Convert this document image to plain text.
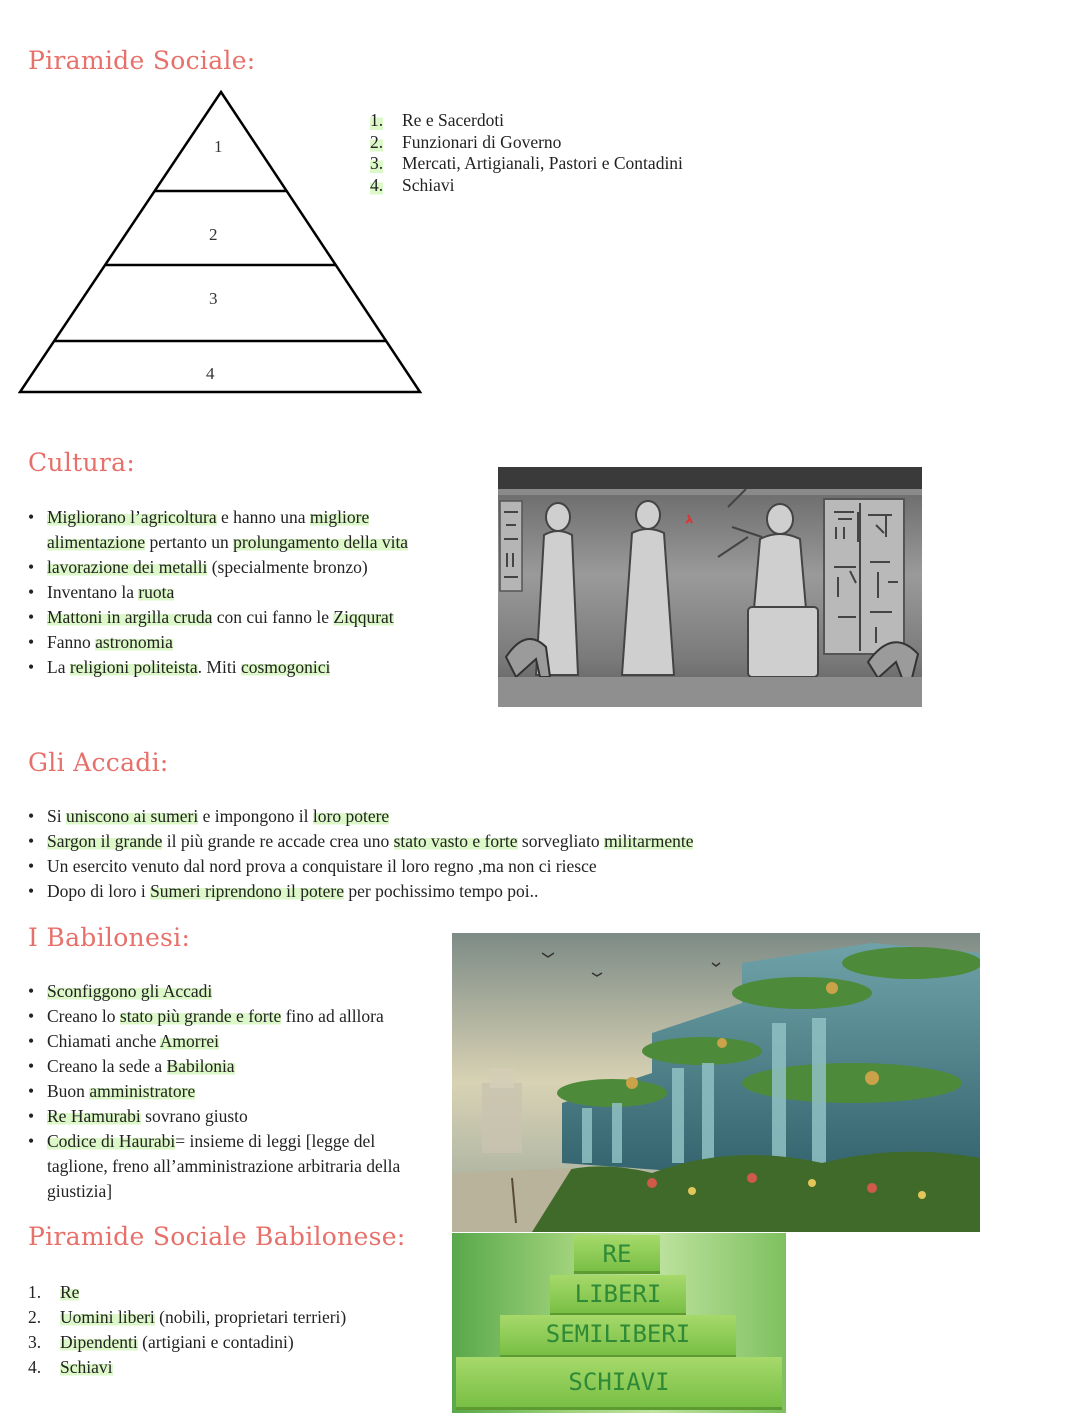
Piramide Sociale:
1
2
3
4
1. Re e Sacerdoti
2. Funzionari di Governo
3. Mercati, Artigianali, Pastori e Contadini
4. Schiavi
Cultura:
• Migliorano l’agricoltura e hanno una migliore
alimentazione pertanto un prolungamento della vita
• lavorazione dei metalli (specialmente bronzo)
• Inventano la ruota
• Mattoni in argilla cruda con cui fanno le Ziqqurat
• Fanno astronomia
• La religioni politeista. Miti cosmogonici
Gli Accadi:
• Si uniscono ai sumeri e impongono il loro potere
• Sargon il grande il più grande re accade crea uno stato vasto e forte sorvegliato militarmente
• Un esercito venuto dal nord prova a conquistare il loro regno ,ma non ci riesce
• Dopo di loro i Sumeri riprendono il potere per pochissimo tempo poi..
I Babilonesi:
• Sconfiggono gli Accadi
• Creano lo stato più grande e forte fino ad alllora
• Chiamati anche Amorrei
• Creano la sede a Babilonia
• Buon amministratore
• Re Hamurabi sovrano giusto
• Codice di Haurabi= insieme di leggi [legge del taglione, freno all’amministrazione arbitraria della giustizia]
Piramide Sociale Babilonese:
1. Re
2. Uomini liberi (nobili, proprietari terrieri)
3. Dipendenti (artigiani e contadini)
4. Schiavi
RE
LIBERI
SEMILIBERI
SCHIAVI
